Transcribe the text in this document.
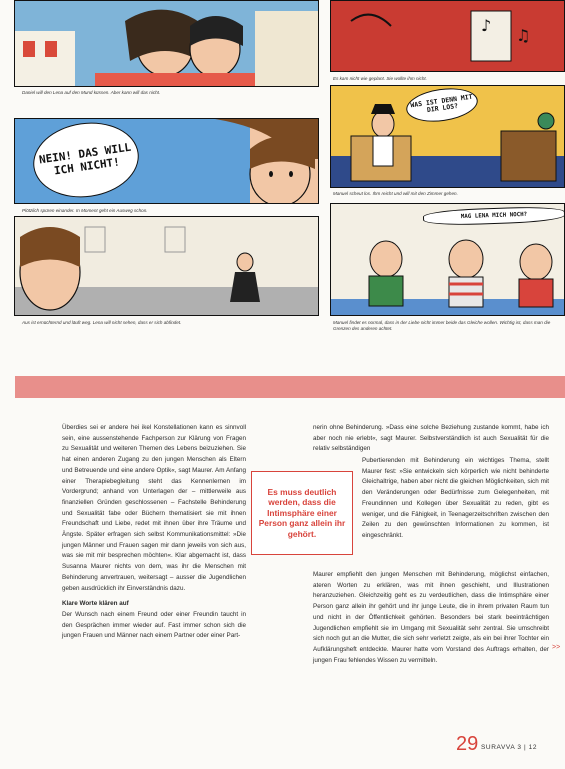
Daniel will den Lena auf den Mund küssen. Aber kann will das nicht.
♪
♫
Es kam nicht wie geplant. Sie wollte ihm nicht.
WAS IST DENN MIT DIR LOS?
Manuel scheut los. Ihm reicht und will mit den Zimmer gehen.
NEIN! DAS WILL ICH NICHT!
Plötzlich spüren einander. In Moment geht ein Ausweg schon.
Aus ist ernüchternd und läuft weg. Lena will nicht sehen, dass er sich abfindet.
MAG LENA MICH NOCH?
Manuel findet es normal, dass in der Liebe nicht immer beide das Gleiche wollen. Wichtig ist, dass man die Grenzen des anderen achtet.

Überdies sei er andere hei ikel Konstellationen kann es sinnvoll sein, eine aussenstehende Fachperson zur Klärung von Fragen zu Sexualität und weiteren Themen des Lebens beizuziehen. Sie hat einen anderen Zugang zu den jungen Menschen als Eltern und Betreuende und eine andere Optik«, sagt Maurer. Am Anfang einer Therapiebegleitung steht das Kennenlernen im Vordergrund; anhand von Unterlagen der – mittlerweile aus finanziellen Gründen geschlossenen – Fachstelle Behinderung und Sexualität fabe oder Büchern thematisiert sie mit ihnen Freundschaft und Liebe, redet mit ihnen über ihre Träume und Ängste. Später erfragen sich selbst Kommunikationsmittel: »Die jungen Männer und Frauen sagen mir dann jeweils von sich aus, was sie mit mir besprechen möchten«. Klar abgemacht ist, dass Susanna Maurer nichts von dem, was ihr die Menschen mit Behinderung anvertrauen, weitersagt – ausser die Jugendlichen geben ausdrücklich ihr Einverständnis dazu.

Klare Worte klären auf

Der Wunsch nach einem Freund oder einer Freundin taucht in den Gesprächen immer wieder auf. Fast immer schon sich die jungen Frauen und Männer nach einem Partner oder einer Part-

nerin ohne Behinderung. »Dass eine solche Beziehung zustande kommt, habe ich aber noch nie erlebt«, sagt Maurer. Selbstverständlich ist auch Sexualität für die relativ selbständigen

Es muss deutlich werden, dass die Intimsphäre einer Person ganz allein ihr gehört.

Pubertierenden mit Behinderung ein wichtiges Thema, stellt Maurer fest: »Sie entwickeln sich körperlich wie nicht behinderte Gleichaltrige, haben aber nicht die gleichen Möglichkeiten, sich mit den Veränderungen oder Bedürfnisse zum Gelegenheiten, mit Freundinnen und Kollegen über Sexualität zu reden, gibt es weniger, und die Fähigkeit, in Teenagerzeitschriften zwischen den Zeilen zu den gewünschten Informationen zu kommen, ist eingeschränkt.

Maurer empfiehlt den jungen Menschen mit Behinderung, möglichst einfachen, ateren Worten zu erklären, was mit ihnen geschieht, und Illustrationen heranzuziehen. Gleichzeitig geht es zu verdeutlichen, dass die Intimsphäre einer Person ganz allein ihr gehört und ihr junge Leute, die in ihrem privaten Raum tun und nicht in der Öffentlichkeit gehörten. Besonders bei stark beeinträchtigen Jugendlichen empfiehlt sie im Umgang mit Sexualität sehr zentral. Sie umschreibt sich noch gut an die Mutter, die sich sehr verletzt zeigte, als ein bei ihrer Tochter ein Aufklärungsheft entdeckte. Maurer hatte vom Vorstand des Auftrags erhalten, der jungen Frau fehlendes Wissen zu vermitteln.

>>
29 SURAVVA 3 | 12
